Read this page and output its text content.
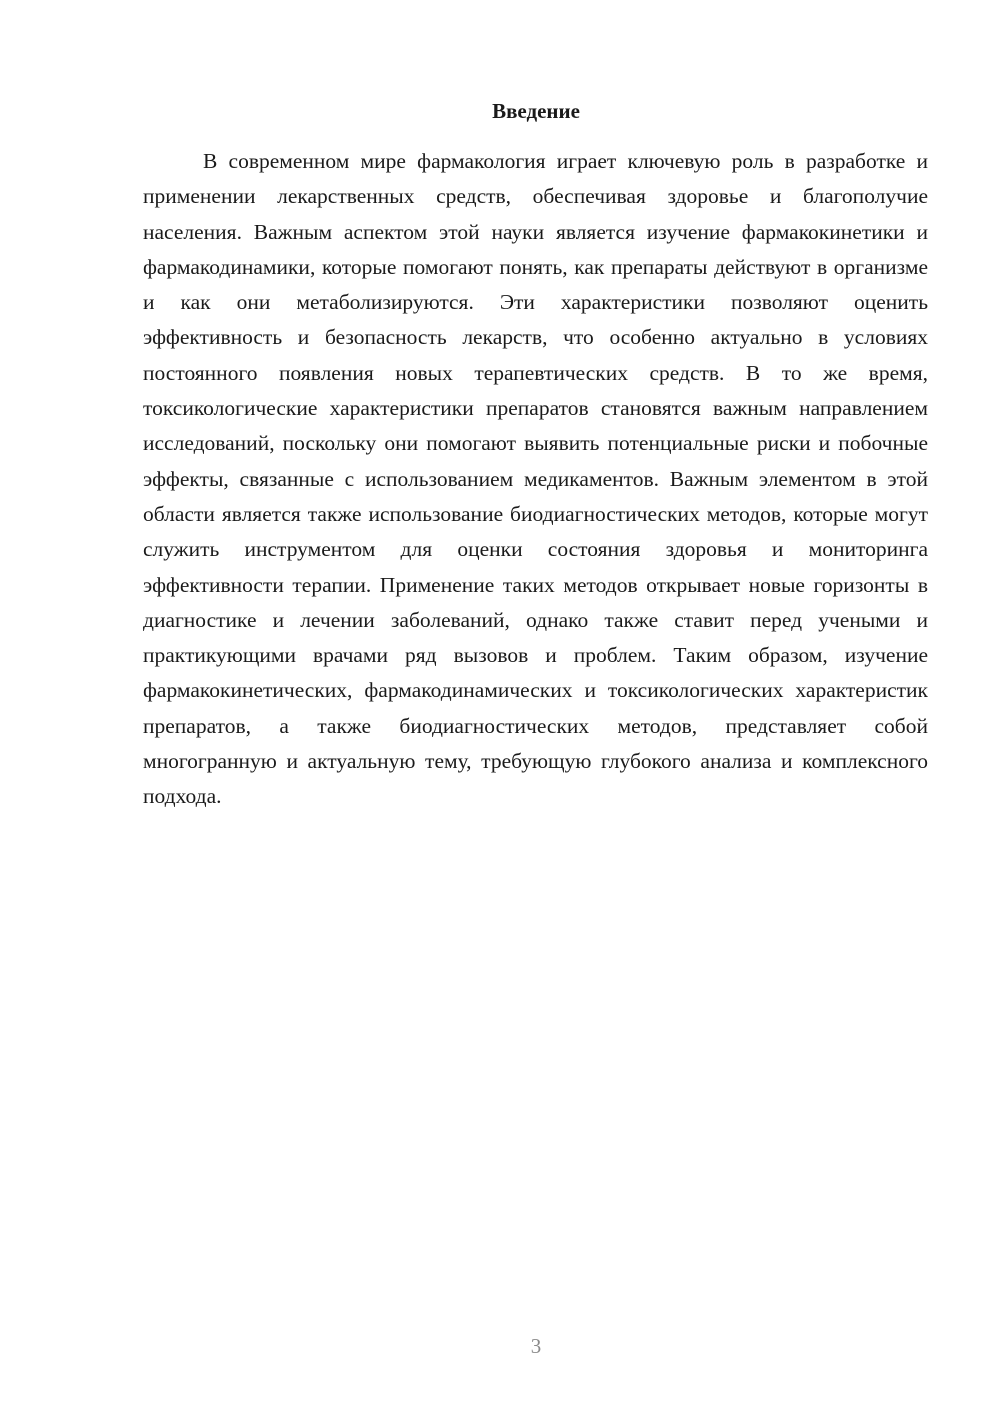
Введение

В современном мире фармакология играет ключевую роль в разработке и применении лекарственных средств, обеспечивая здоровье и благополучие населения. Важным аспектом этой науки является изучение фармакокинетики и фармакодинамики, которые помогают понять, как препараты действуют в организме и как они метаболизируются. Эти характеристики позволяют оценить эффективность и безопасность лекарств, что особенно актуально в условиях постоянного появления новых терапевтических средств. В то же время, токсикологические характеристики препаратов становятся важным направлением исследований, поскольку они помогают выявить потенциальные риски и побочные эффекты, связанные с использованием медикаментов. Важным элементом в этой области является также использование биодиагностических методов, которые могут служить инструментом для оценки состояния здоровья и мониторинга эффективности терапии. Применение таких методов открывает новые горизонты в диагностике и лечении заболеваний, однако также ставит перед учеными и практикующими врачами ряд вызовов и проблем. Таким образом, изучение фармакокинетических, фармакодинамических и токсикологических характеристик препаратов, а также биодиагностических методов, представляет собой многогранную и актуальную тему, требующую глубокого анализа и комплексного подхода.

3
